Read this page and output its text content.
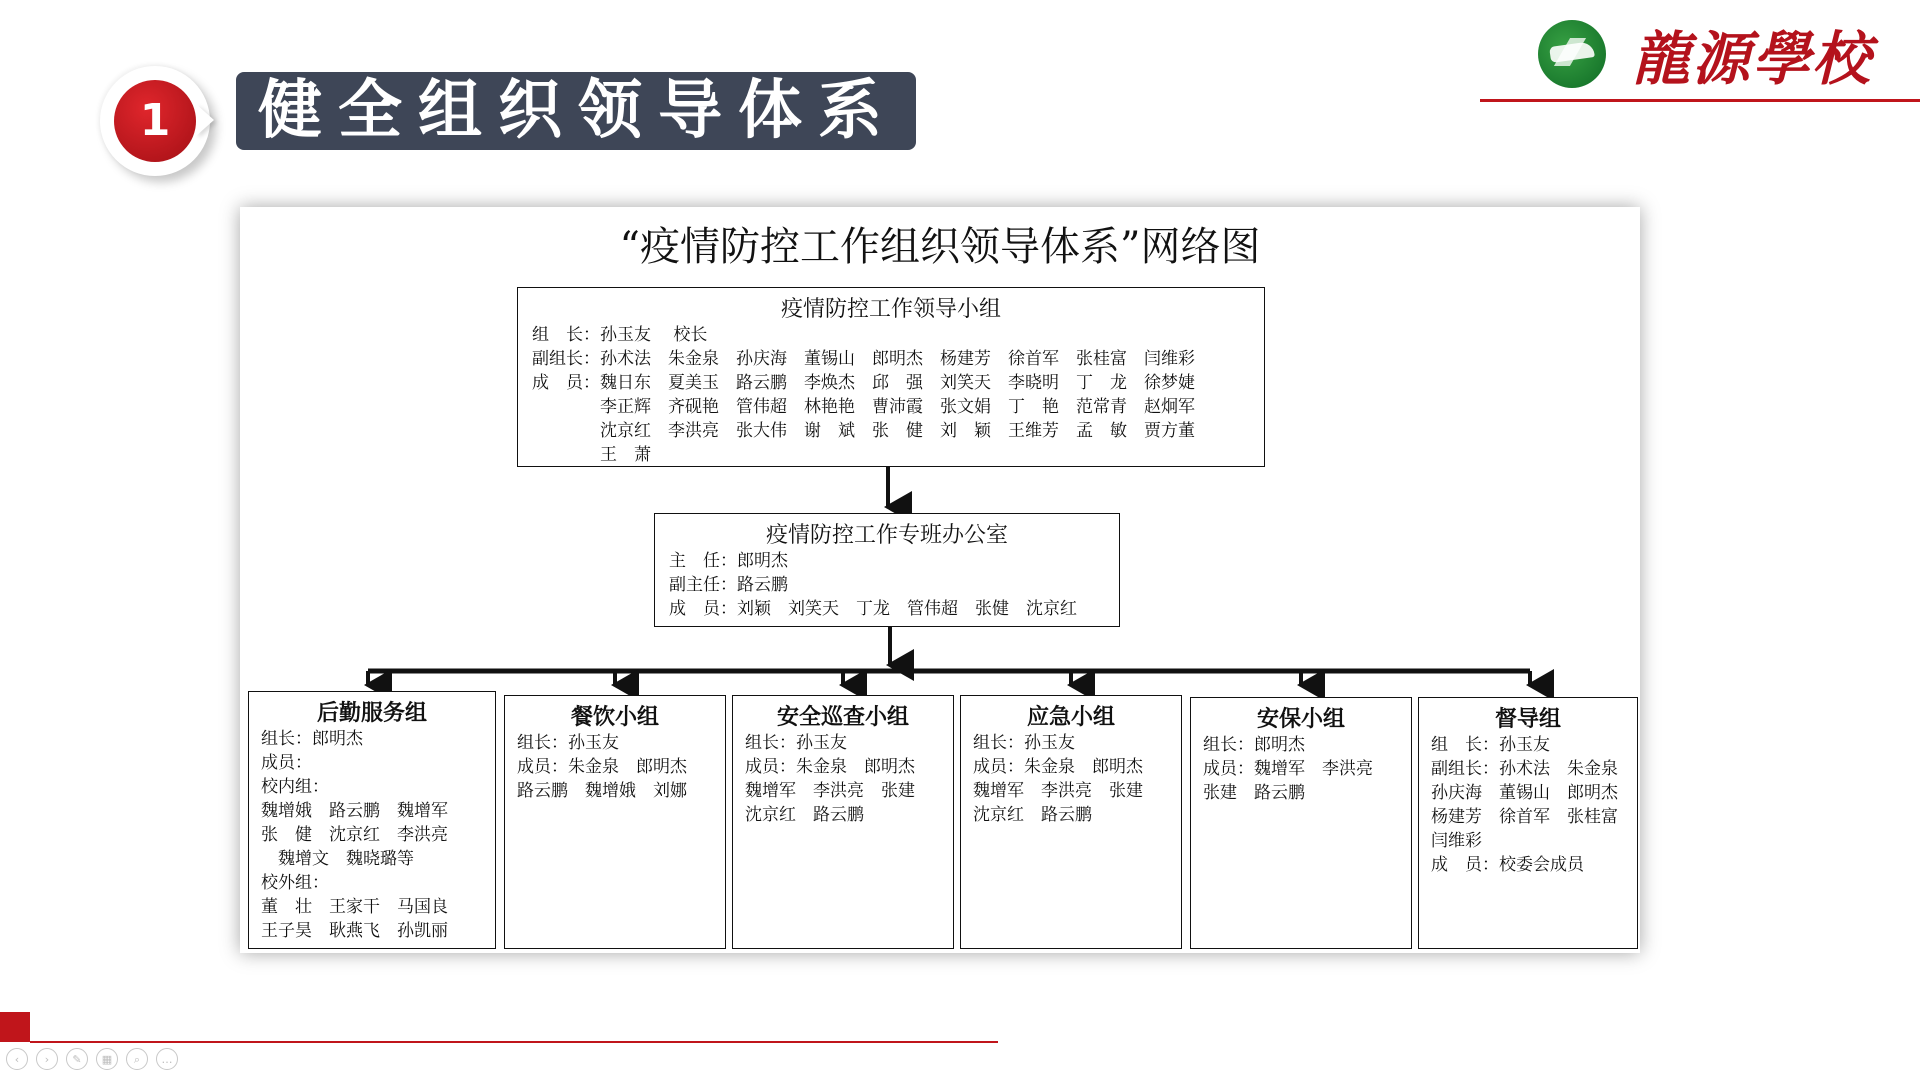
龍源學校
1	健全组织领导体系
“疫情防控工作组织领导体系”网络图
疫情防控工作领导小组
组　长：孙玉友　 校长
副组长：孙术法　朱金泉　孙庆海　董锡山　郎明杰　杨建芳　徐首军　张桂富　闫维彩
成　员：魏日东　夏美玉　路云鹏　李焕杰　邱　强　刘笑天　李晓明　丁　龙　徐梦婕
　　　　李正辉　齐砚艳　管伟超　林艳艳　曹沛霞　张文娟　丁　艳　范常青　赵炯军
　　　　沈京红　李洪亮　张大伟　谢　斌　张　健　刘　颖　王维芳　孟　敏　贾方董
　　　　王　萧
疫情防控工作专班办公室
主　任：郎明杰
副主任：路云鹏
成　员：刘颖　刘笑天　丁龙　管伟超　张健　沈京红
后勤服务组
组长：郎明杰
成员：
校内组：
魏增娥　路云鹏　魏增军
张　健　沈京红　李洪亮
　魏增文　魏晓璐等
校外组：
董　壮　王家干　马国良
王子昊　耿燕飞　孙凯丽
餐饮小组
组长：孙玉友
成员：朱金泉　郎明杰　路云鹏　魏增娥　刘娜
安全巡查小组
组长：孙玉友
成员：朱金泉　郎明杰　魏增军　李洪亮　张建　沈京红　路云鹏
应急小组
组长：孙玉友
成员：朱金泉　郎明杰　魏增军　李洪亮　张建　沈京红　路云鹏
安保小组
组长：郎明杰
成员：魏增军　李洪亮　张建　路云鹏
督导组
组　长：孙玉友
副组长：孙术法　朱金泉　孙庆海　董锡山　郎明杰　杨建芳　徐首军　张桂富　闫维彩
成　员：校委会成员
‹	›	✎	▦	⌕	…
